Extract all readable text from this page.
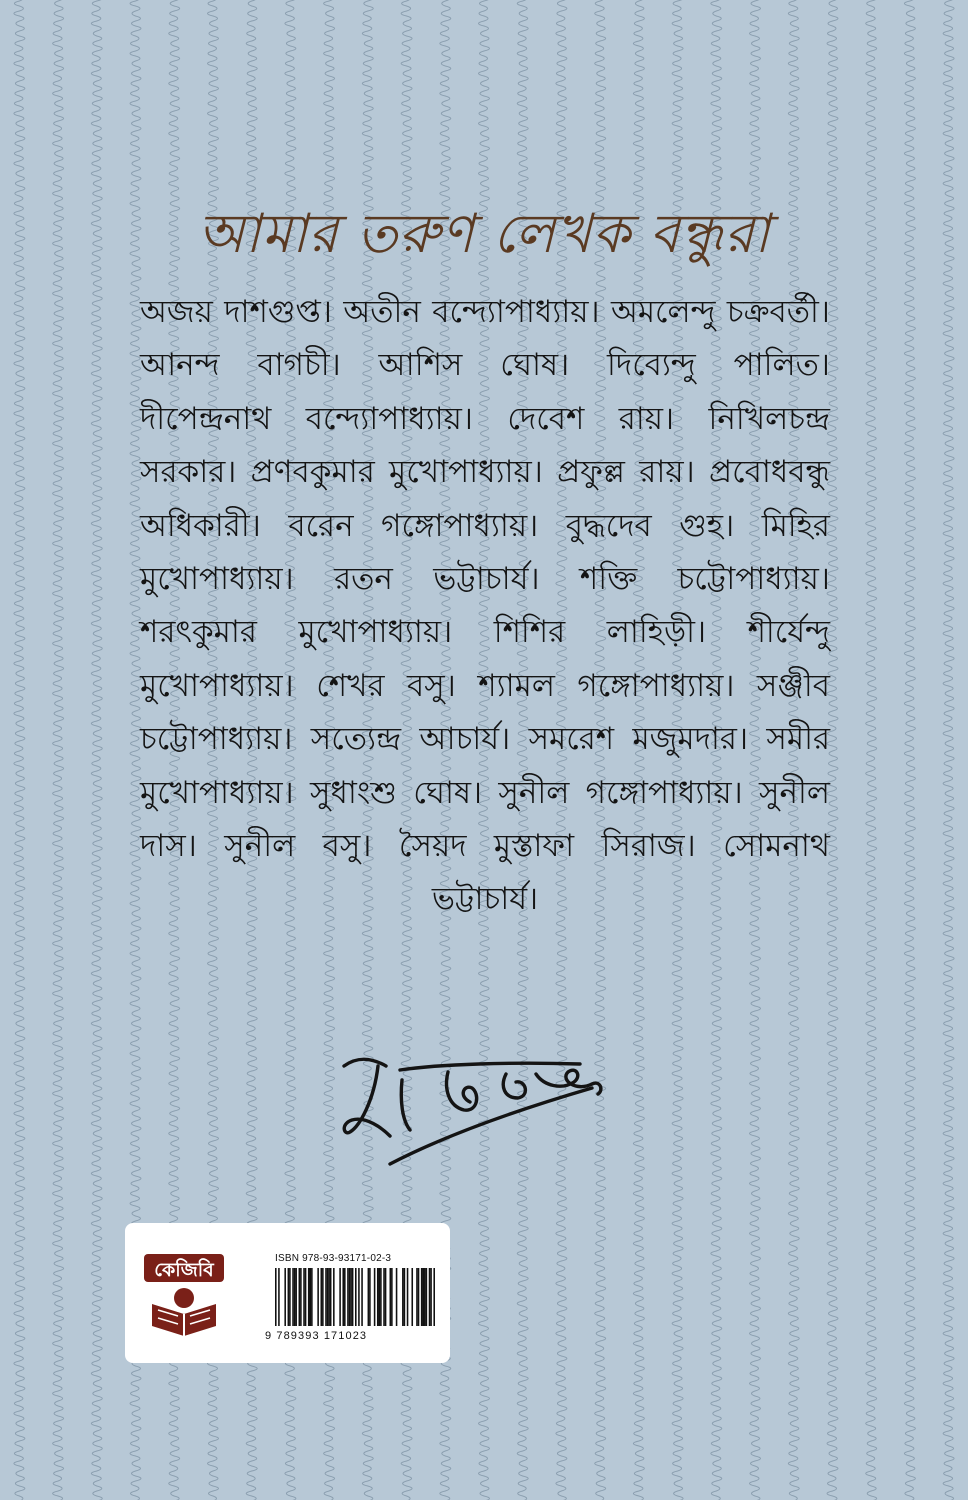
আমার তরুণ লেখক বন্ধুরা

অজয় দাশগুপ্ত। অতীন বন্দ্যোপাধ্যায়। অমলেন্দু চক্রবর্তী। আনন্দ বাগচী। আশিস ঘোষ। দিব্যেন্দু পালিত। দীপেন্দ্রনাথ বন্দ্যোপাধ্যায়। দেবেশ রায়। নিখিলচন্দ্র সরকার। প্রণবকুমার মুখোপাধ্যায়। প্রফুল্ল রায়। প্রবোধবন্ধু অধিকারী। বরেন গঙ্গোপাধ্যায়। বুদ্ধদেব গুহ। মিহির মুখোপাধ্যায়। রতন ভট্টাচার্য। শক্তি চট্টোপাধ্যায়। শরৎকুমার মুখোপাধ্যায়। শিশির লাহিড়ী। শীর্যেন্দু মুখোপাধ্যায়। শেখর বসু। শ্যামল গঙ্গোপাধ্যায়। সঞ্জীব চট্টোপাধ্যায়। সত্যেন্দ্র আচার্য। সমরেশ মজুমদার। সমীর মুখোপাধ্যায়। সুধাংশু ঘোষ। সুনীল গঙ্গোপাধ্যায়। সুনীল দাস। সুনীল বসু। সৈয়দ মুস্তাফা সিরাজ। সোমনাথ ভট্টাচার্য।

কেজিবি
ISBN 978-93-93171-02-3
9 789393 171023
